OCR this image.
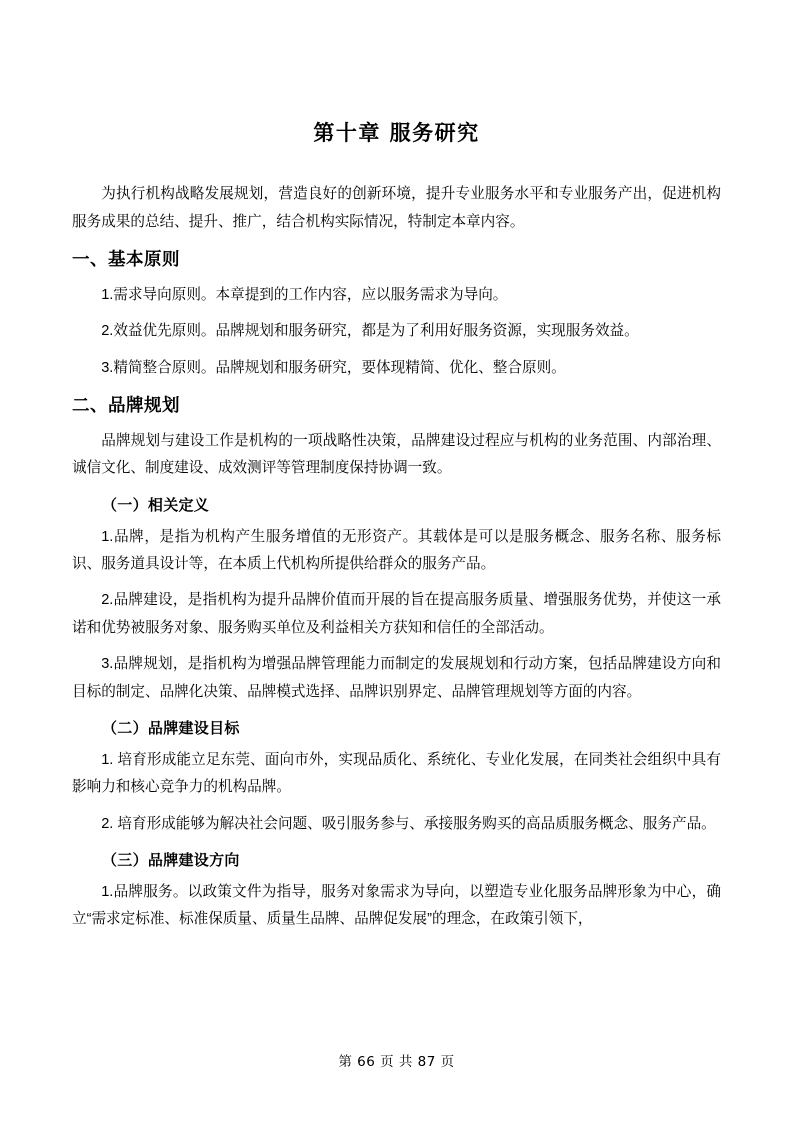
第十章 服务研究

为执行机构战略发展规划，营造良好的创新环境，提升专业服务水平和专业服务产出，促进机构服务成果的总结、提升、推广，结合机构实际情况，特制定本章内容。

一、基本原则

1.需求导向原则。本章提到的工作内容，应以服务需求为导向。

2.效益优先原则。品牌规划和服务研究，都是为了利用好服务资源，实现服务效益。

3.精简整合原则。品牌规划和服务研究，要体现精简、优化、整合原则。

二、品牌规划

品牌规划与建设工作是机构的一项战略性决策，品牌建设过程应与机构的业务范围、内部治理、诚信文化、制度建设、成效测评等管理制度保持协调一致。

（一）相关定义

1.品牌，是指为机构产生服务增值的无形资产。其载体是可以是服务概念、服务名称、服务标识、服务道具设计等，在本质上代机构所提供给群众的服务产品。

2.品牌建设，是指机构为提升品牌价值而开展的旨在提高服务质量、增强服务优势，并使这一承诺和优势被服务对象、服务购买单位及利益相关方获知和信任的全部活动。

3.品牌规划，是指机构为增强品牌管理能力而制定的发展规划和行动方案，包括品牌建设方向和目标的制定、品牌化决策、品牌模式选择、品牌识别界定、品牌管理规划等方面的内容。

（二）品牌建设目标

1. 培育形成能立足东莞、面向市外，实现品质化、系统化、专业化发展，在同类社会组织中具有影响力和核心竞争力的机构品牌。

2. 培育形成能够为解决社会问题、吸引服务参与、承接服务购买的高品质服务概念、服务产品。

（三）品牌建设方向

1.品牌服务。以政策文件为指导，服务对象需求为导向，以塑造专业化服务品牌形象为中心，确立“需求定标准、标准保质量、质量生品牌、品牌促发展”的理念，在政策引领下，

第 66 页 共 87 页
